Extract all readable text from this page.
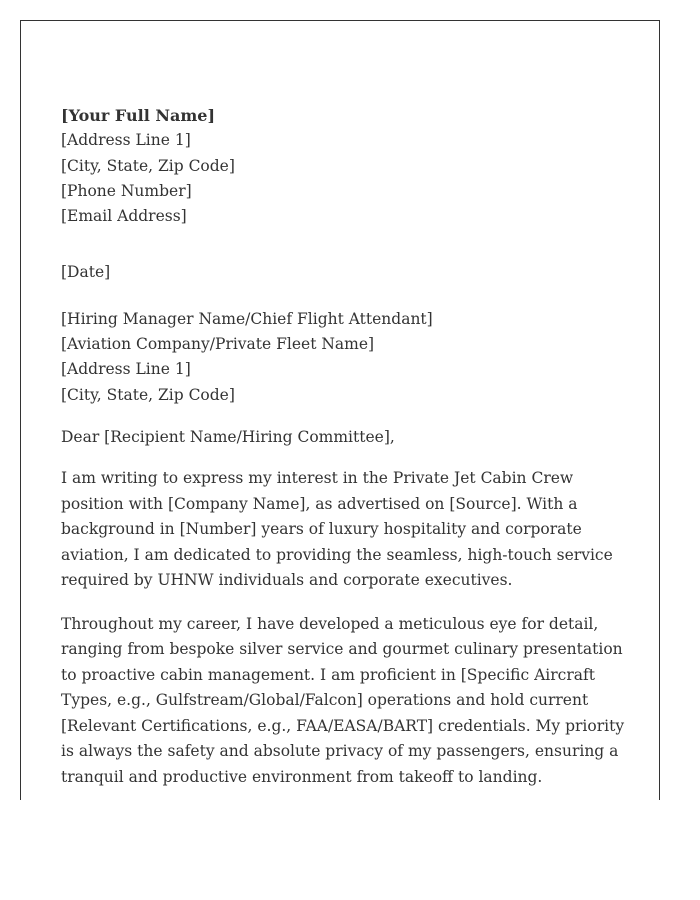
[Your Full Name]
[Address Line 1]
[City, State, Zip Code]
[Phone Number]
[Email Address]
[Date]
[Hiring Manager Name/Chief Flight Attendant]
[Aviation Company/Private Fleet Name]
[Address Line 1]
[City, State, Zip Code]
Dear [Recipient Name/Hiring Committee],

I am writing to express my interest in the Private Jet Cabin Crew position with [Company Name], as advertised on [Source]. With a background in [Number] years of luxury hospitality and corporate aviation, I am dedicated to providing the seamless, high-touch service required by UHNW individuals and corporate executives.

Throughout my career, I have developed a meticulous eye for detail, ranging from bespoke silver service and gourmet culinary presentation to proactive cabin management. I am proficient in [Specific Aircraft Types, e.g., Gulfstream/Global/Falcon] operations and hold current [Relevant Certifications, e.g., FAA/EASA/BART] credentials. My priority is always the safety and absolute privacy of my passengers, ensuring a tranquil and productive environment from takeoff to landing.
